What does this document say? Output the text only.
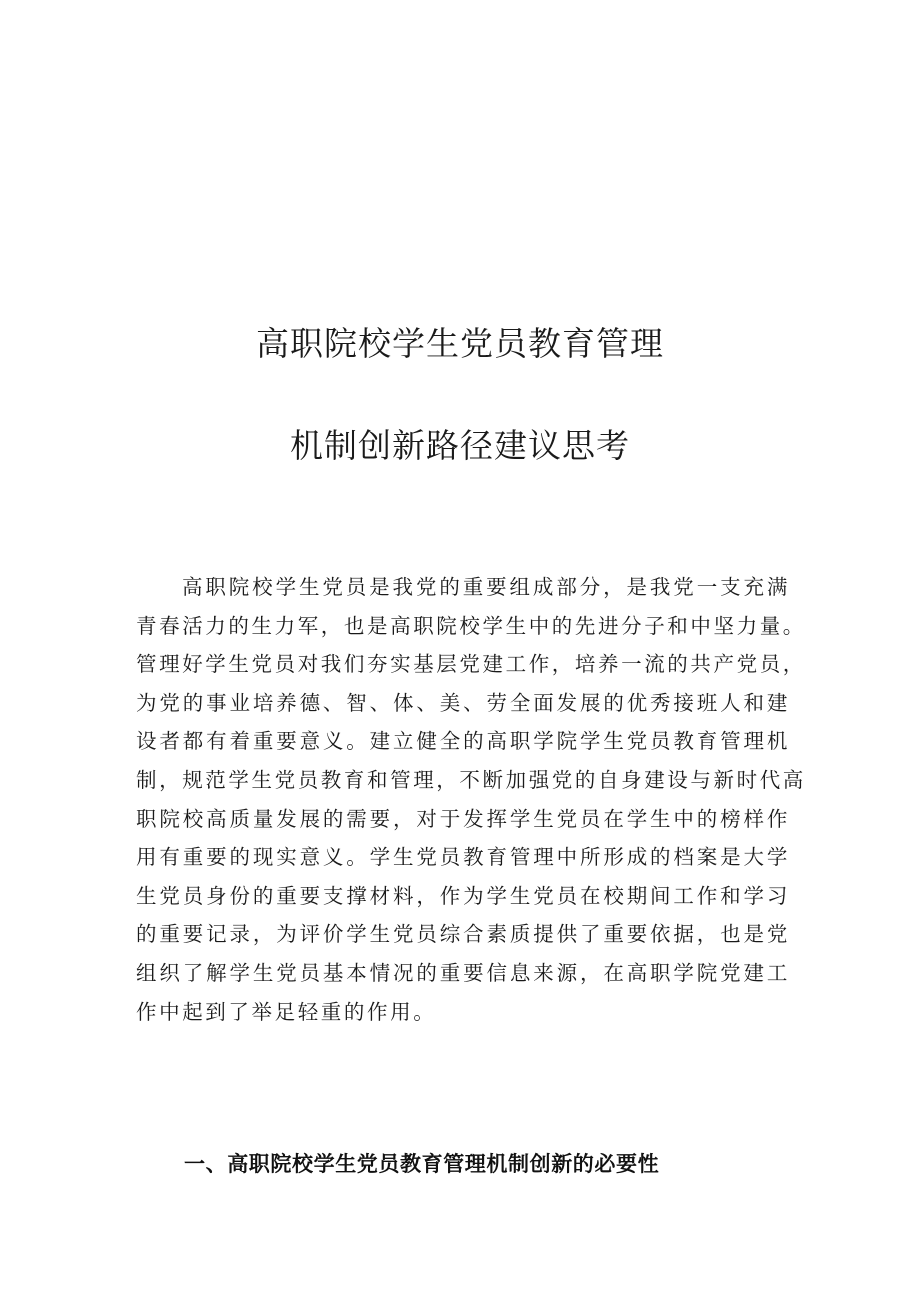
高职院校学生党员教育管理
机制创新路径建议思考
高职院校学生党员是我党的重要组成部分，是我党一支充满
青春活力的生力军，也是高职院校学生中的先进分子和中坚力量。
管理好学生党员对我们夯实基层党建工作，培养一流的共产党员，
为党的事业培养德、智、体、美、劳全面发展的优秀接班人和建
设者都有着重要意义。建立健全的高职学院学生党员教育管理机
制，规范学生党员教育和管理，不断加强党的自身建设与新时代高
职院校高质量发展的需要，对于发挥学生党员在学生中的榜样作
用有重要的现实意义。学生党员教育管理中所形成的档案是大学
生党员身份的重要支撑材料，作为学生党员在校期间工作和学习
的重要记录，为评价学生党员综合素质提供了重要依据，也是党
组织了解学生党员基本情况的重要信息来源，在高职学院党建工
作中起到了举足轻重的作用。
一、高职院校学生党员教育管理机制创新的必要性
